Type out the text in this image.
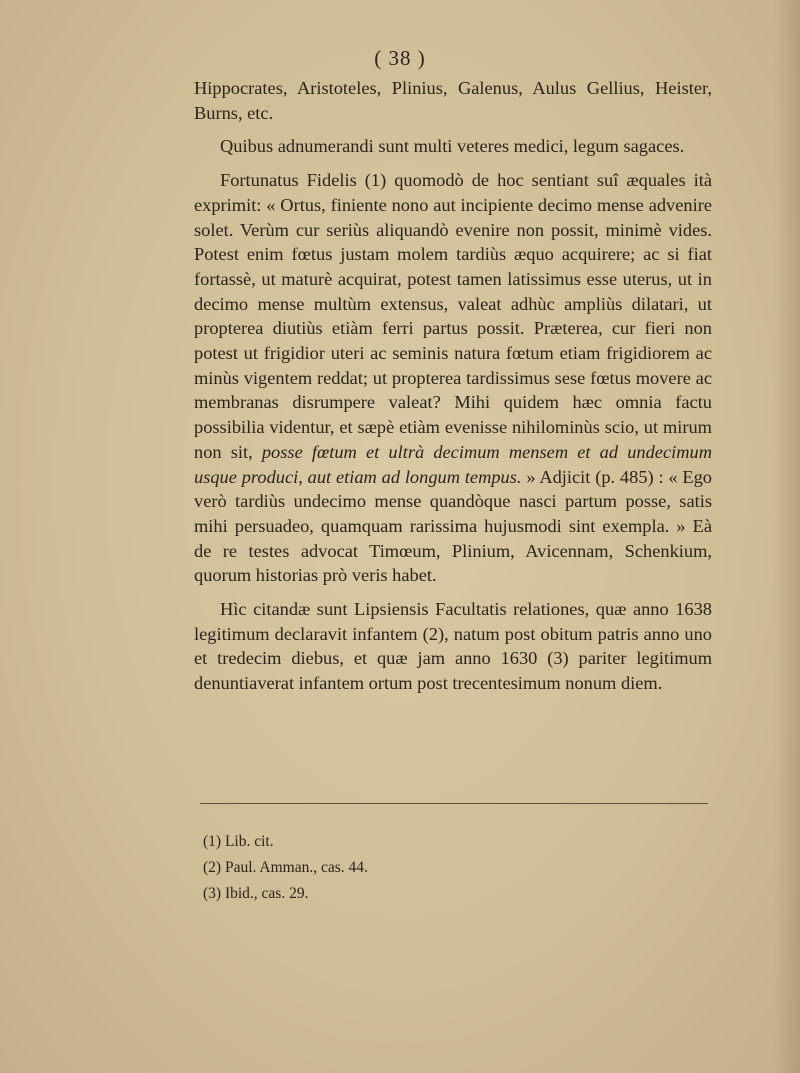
( 38 )

Hippocrates, Aristoteles, Plinius, Galenus, Aulus Gellius, Heister, Burns, etc.

Quibus adnumerandi sunt multi veteres medici, legum sagaces.

Fortunatus Fidelis (1) quomodò de hoc sentiant suî æquales ità exprimit: « Ortus, finiente nono aut incipiente decimo mense advenire solet. Verùm cur seriùs aliquandò evenire non possit, minimè vides. Potest enim fœtus justam molem tardiùs æquo acquirere; ac si fiat fortassè, ut maturè acquirat, potest tamen latissimus esse uterus, ut in decimo mense multùm extensus, valeat adhùc ampliùs dilatari, ut propterea diutiùs etiàm ferri partus possit. Præterea, cur fieri non potest ut frigidior uteri ac seminis natura fœtum etiam frigidiorem ac minùs vigentem reddat; ut propterea tardissimus sese fœtus movere ac membranas disrumpere valeat? Mihi quidem hæc omnia factu possibilia videntur, et sæpè etiàm evenisse nihilominùs scio, ut mirum non sit, posse fœtum et ultrà decimum mensem et ad undecimum usque produci, aut etiam ad longum tempus. » Adjicit (p. 485) : « Ego verò tardiùs undecimo mense quandòque nasci partum posse, satis mihi persuadeo, quamquam rarissima hujusmodi sint exempla. » Eà de re testes advocat Timœum, Plinium, Avicennam, Schenkium, quorum historias prò veris habet.

Hìc citandæ sunt Lipsiensis Facultatis relationes, quæ anno 1638 legitimum declaravit infantem (2), natum post obitum patris anno uno et tredecim diebus, et quæ jam anno 1630 (3) pariter legitimum denuntiaverat infantem ortum post trecentesimum nonum diem.

(1) Lib. cit.
(2) Paul. Amman., cas. 44.
(3) Ibid., cas. 29.
